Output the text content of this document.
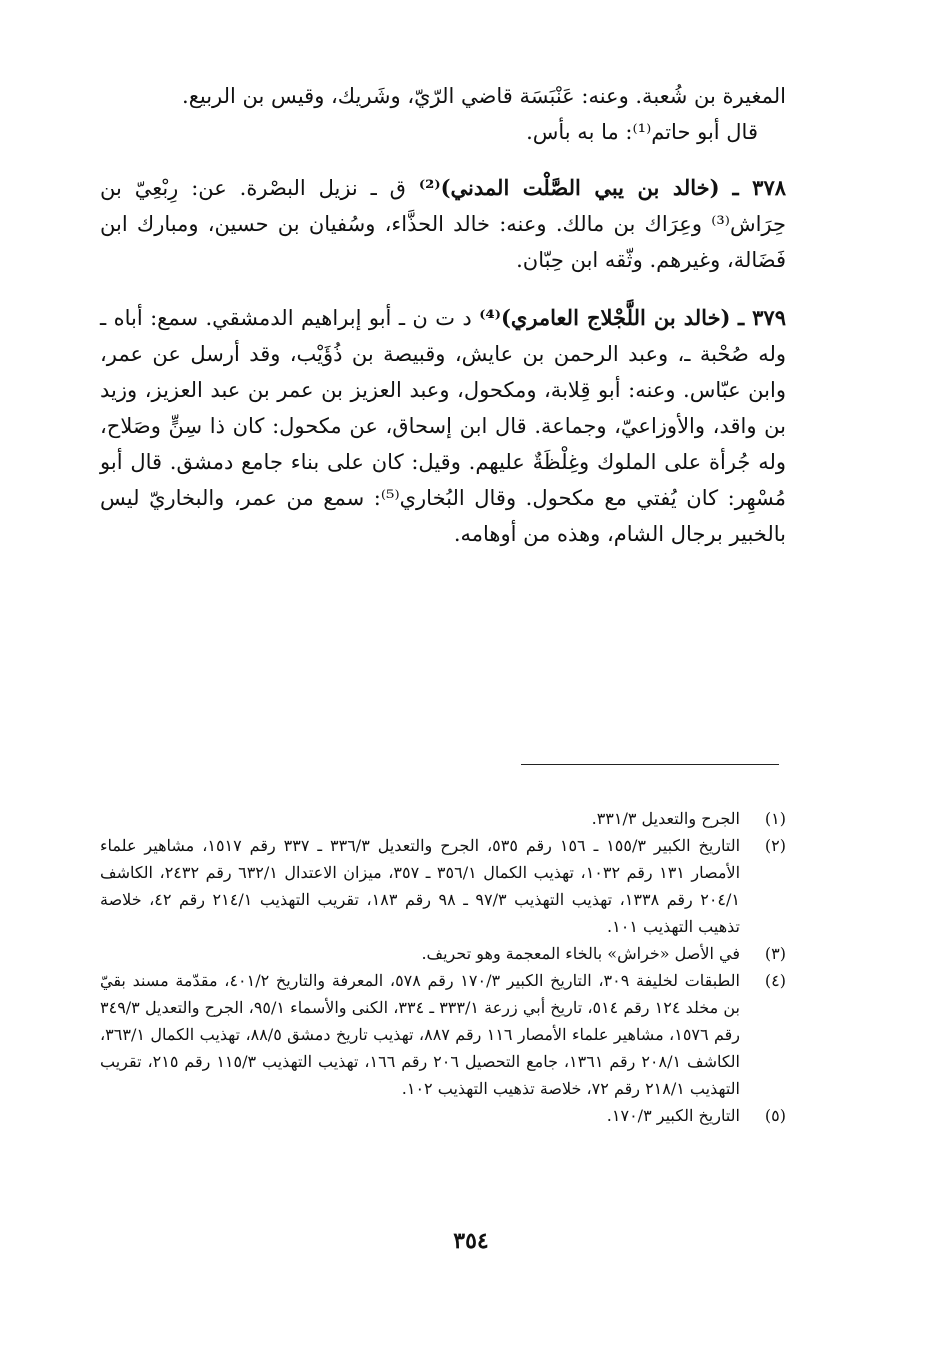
المغيرة بن شُعبة. وعنه: عَنْبَسَة قاضي الرّيّ، وشَريك، وقيس بن الربيع.

قال أبو حاتم⁽¹⁾: ما به بأس.

٣٧٨ ـ (خالد بن يبي الصَّلْت المدني)⁽²⁾ ق ـ نزيل البصْرة. عن: رِبْعِيّ بن حِرَاش⁽³⁾ وعِرَاك بن مالك. وعنه: خالد الحذَّاء، وسُفيان بن حسين، ومبارك ابن فَضَالة، وغيرهم. وثّقه ابن حِبّان.

٣٧٩ ـ (خالد بن اللَّجْلاج العامري)⁽⁴⁾ د ت ن ـ أبو إبراهيم الدمشقي. سمع: أباه ـ وله صُحْبة ـ، وعبد الرحمن بن عايش، وقبيصة بن ذُؤَيْب، وقد أرسل عن عمر، وابن عبّاس. وعنه: أبو قِلابة، ومكحول، وعبد العزيز بن عمر بن عبد العزيز، وزيد بن واقد، والأوزاعيّ، وجماعة. قال ابن إسحاق، عن مكحول: كان ذا سِنٍّ وصَلاح، وله جُرأة على الملوك وغِلْظَةٌ عليهم. وقيل: كان على بناء جامع دمشق. قال أبو مُسْهِر: كان يُفتي مع مكحول. وقال البُخاري⁽⁵⁾: سمع من عمر، والبخاريّ ليس بالخبير برجال الشام، وهذه من أوهامه.

(١)
الجرح والتعديل ٣٣١/٣.
(٢)
التاريخ الكبير ١٥٥/٣ ـ ١٥٦ رقم ٥٣٥، الجرح والتعديل ٣٣٦/٣ ـ ٣٣٧ رقم ١٥١٧، مشاهير علماء الأمصار ١٣١ رقم ١٠٣٢، تهذيب الكمال ٣٥٦/١ ـ ٣٥٧، ميزان الاعتدال ٦٣٢/١ رقم ٢٤٣٢، الكاشف ٢٠٤/١ رقم ١٣٣٨، تهذيب التهذيب ٩٧/٣ ـ ٩٨ رقم ١٨٣، تقريب التهذيب ٢١٤/١ رقم ٤٢، خلاصة تذهيب التهذيب ١٠١.
(٣)
في الأصل «خراش» بالخاء المعجمة وهو تحريف.
(٤)
الطبقات لخليفة ٣٠٩، التاريخ الكبير ١٧٠/٣ رقم ٥٧٨، المعرفة والتاريخ ٤٠١/٢، مقدّمة مسند بقيّ بن مخلد ١٢٤ رقم ٥١٤، تاريخ أبي زرعة ٣٣٣/١ ـ ٣٣٤، الكنى والأسماء ٩٥/١، الجرح والتعديل ٣٤٩/٣ رقم ١٥٧٦، مشاهير علماء الأمصار ١١٦ رقم ٨٨٧، تهذيب تاريخ دمشق ٨٨/٥، تهذيب الكمال ٣٦٣/١، الكاشف ٢٠٨/١ رقم ١٣٦١، جامع التحصيل ٢٠٦ رقم ١٦٦، تهذيب التهذيب ١١٥/٣ رقم ٢١٥، تقريب التهذيب ٢١٨/١ رقم ٧٢، خلاصة تذهيب التهذيب ١٠٢.
(٥)
التاريخ الكبير ١٧٠/٣.
٣٥٤
